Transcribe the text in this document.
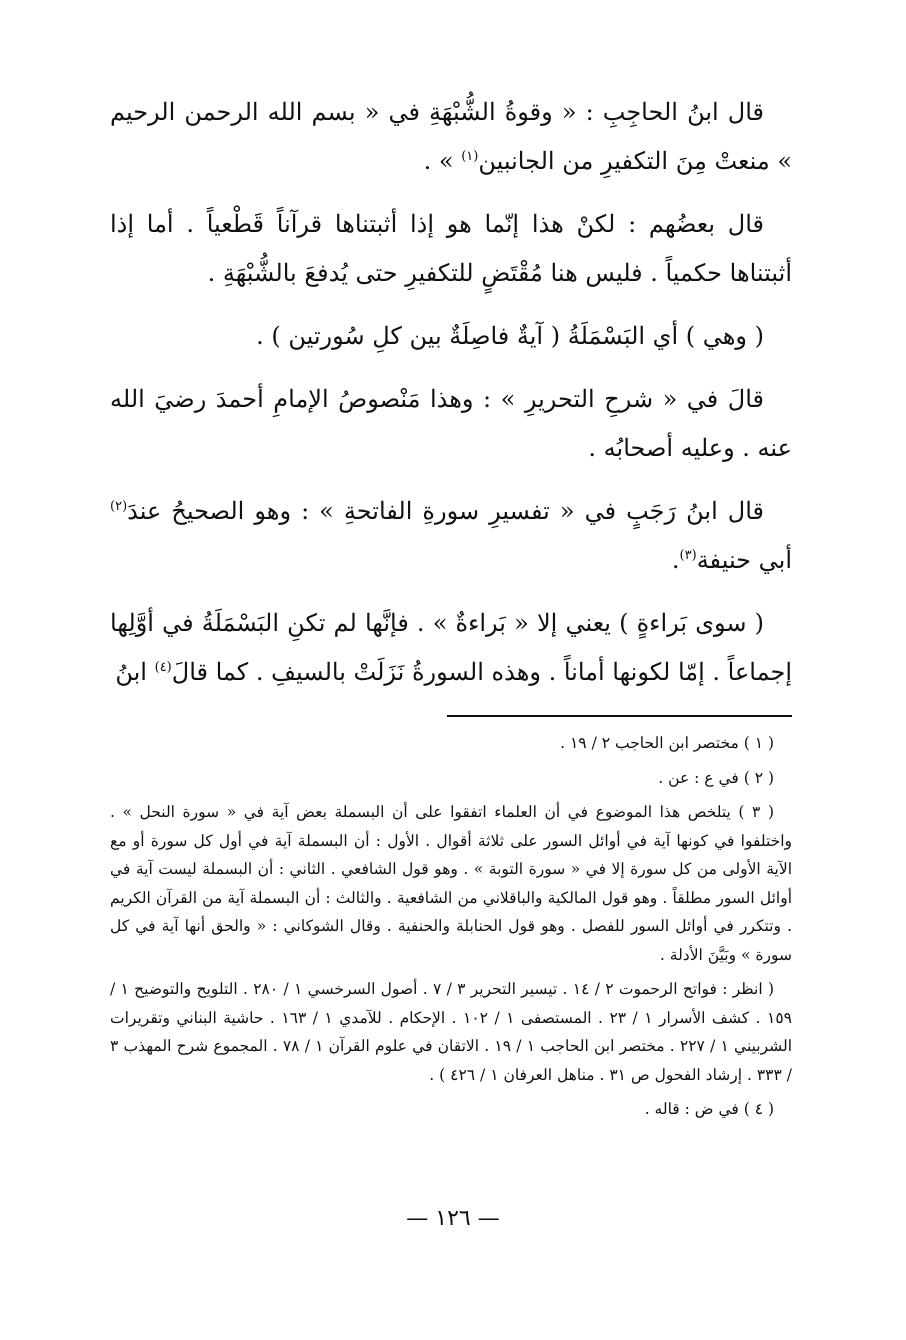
قال ابنُ الحاجِبِ : « وقوةُ الشُّبْهَةِ في « بسم الله الرحمن الرحيم » منعتْ مِنَ التكفيرِ من الجانبين$^{(١)}$ » .

قال بعضُهم : لكنْ هذا إنّما هو إذا أثبتناها قرآناً قَطْعياً . أما إذا أثبتناها حكمياً . فليس هنا مُقْتَضٍ للتكفيرِ حتى يُدفعَ بالشُّبْهَةِ .

( وهي ) أي البَسْمَلَةُ ( آيةٌ فاصِلَةٌ بين كلِ سُورتين ) .

قالَ في « شرحِ التحريرِ » : وهذا مَنْصوصُ الإمامِ أحمدَ رضيَ الله عنه . وعليه أصحابُه .

قال ابنُ رَجَبٍ في « تفسيرِ سورةِ الفاتحةِ » : وهو الصحيحُ عندَ$^{(٢)}$ أبي حنيفة$^{(٣)}$.

( سوى بَراءةٍ ) يعني إلا « بَراءةٌ » . فإنَّها لم تكنِ البَسْمَلَةُ في أوَّلِها إجماعاً . إمّا لكونها أماناً . وهذه السورةُ نَزَلَتْ بالسيفِ . كما قالَ$^{(٤)}$ ابنُ

( ١ ) مختصر ابن الحاجب ٢ / ١٩ .

( ٢ ) في ع : عن .

( ٣ ) يتلخص هذا الموضوع في أن العلماء اتفقوا على أن البسملة بعض آية في « سورة النحل » . واختلفوا في كونها آية في أوائل السور على ثلاثة أقوال . الأول : أن البسملة آية في أول كل سورة أو مع الآية الأولى من كل سورة إلا في « سورة التوبة » . وهو قول الشافعي . الثاني : أن البسملة ليست آية في أوائل السور مطلقاً . وهو قول المالكية والباقلاني من الشافعية . والثالث : أن البسملة آية من القرآن الكريم . وتتكرر في أوائل السور للفصل . وهو قول الحنابلة والحنفية . وقال الشوكاني : « والحق أنها آية في كل سورة » وبَيَّنَ الأدلة .

( انظر : فواتح الرحموت ٢ / ١٤ . تيسير التحرير ٣ / ٧ . أصول السرخسي ١ / ٢٨٠ . التلويح والتوضيح ١ / ١٥٩ . كشف الأسرار ١ / ٢٣ . المستصفى ١ / ١٠٢ . الإحكام . للآمدي ١ / ١٦٣ . حاشية البناني وتقريرات الشربيني ١ / ٢٢٧ . مختصر ابن الحاجب ١ / ١٩ . الاتقان في علوم القرآن ١ / ٧٨ . المجموع شرح المهذب ٣ / ٣٣٣ . إرشاد الفحول ص ٣١ . مناهل العرفان ١ / ٤٢٦ ) .

( ٤ ) في ض : قاله .

— ١٢٦ —
